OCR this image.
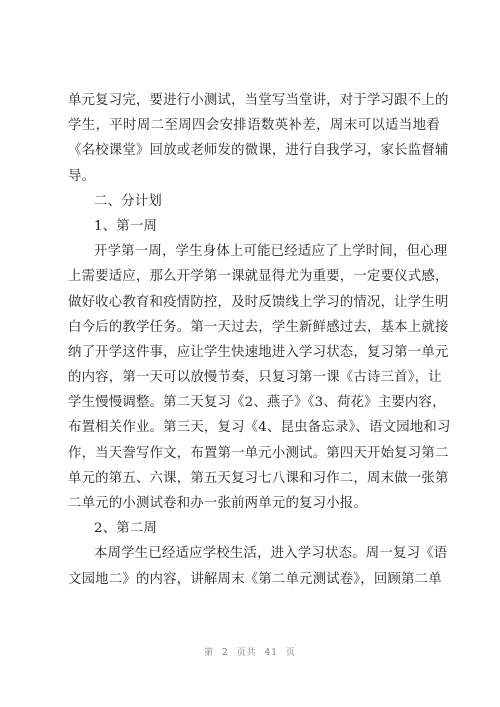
单元复习完，要进行小测试，当堂写当堂讲，对于学习跟不上的
学生，平时周二至周四会安排语数英补差，周末可以适当地看
《名校课堂》回放或老师发的微课，进行自我学习，家长监督辅
导。
二、分计划
1、第一周
开学第一周，学生身体上可能已经适应了上学时间，但心理
上需要适应，那么开学第一课就显得尤为重要，一定要仪式感，
做好收心教育和疫情防控，及时反馈线上学习的情况，让学生明
白今后的教学任务。第一天过去，学生新鲜感过去，基本上就接
纳了开学这件事，应让学生快速地进入学习状态，复习第一单元
的内容，第一天可以放慢节奏，只复习第一课《古诗三首》，让
学生慢慢调整。第二天复习《2、燕子》《3、荷花》主要内容，
布置相关作业。第三天，复习《4、昆虫备忘录》、语文园地和习
作，当天誊写作文，布置第一单元小测试。第四天开始复习第二
单元的第五、六课，第五天复习七八课和习作二，周末做一张第
二单元的小测试卷和办一张前两单元的复习小报。
2、第二周
本周学生已经适应学校生活，进入学习状态。周一复习《语
文园地二》的内容，讲解周末《第二单元测试卷》，回顾第二单
第 2 页共 41 页
